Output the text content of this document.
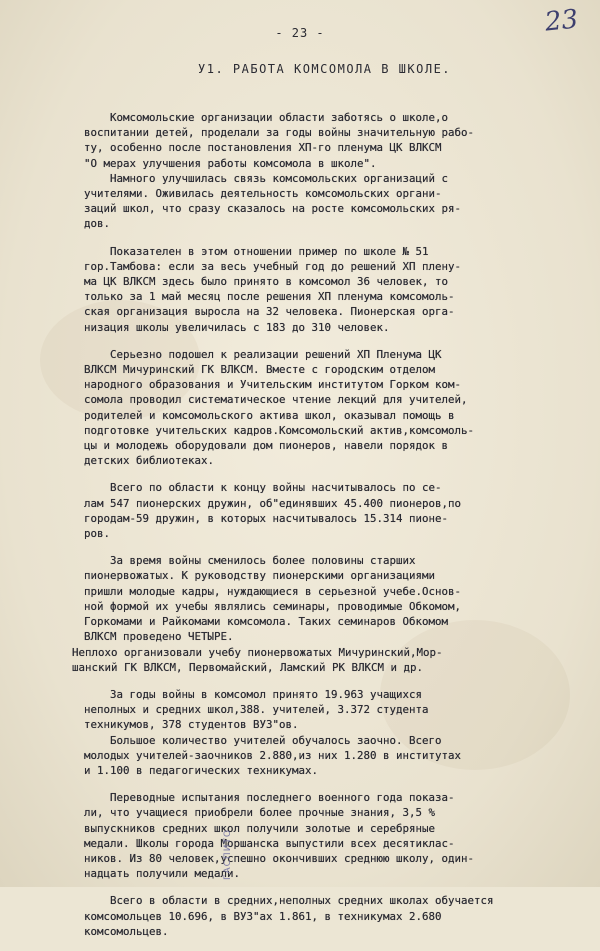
- 23 -	23
У1. РАБОТА КОМСОМОЛА В ШКОЛЕ.

Комсомольские организации области заботясь о школе,о
воспитании детей, проделали за годы войны значительную рабо-
ту, особенно после постановления ХП-го пленума ЦК ВЛКСМ
"О мерах улучшения работы комсомола в школе".

Намного улучшилась связь комсомольских организаций с
учителями. Оживилась деятельность комсомольских органи-
заций школ, что сразу сказалось на росте комсомольских ря-
дов.

Показателен в этом отношении пример по школе № 51
гор.Тамбова: если за весь учебный год до решений ХП плену-
ма ЦК ВЛКСМ здесь было принято в комсомол 36 человек, то
только за 1 май месяц после решения ХП пленума комсомоль-
ская организация выросла на 32 человека. Пионерская орга-
низация школы увеличилась с 183 до 310 человек.

Серьезно подошел к реализации решений ХП Пленума ЦК
ВЛКСМ Мичуринский ГК ВЛКСМ. Вместе с городским отделом
народного образования и Учительским институтом Горком ком-
сомола проводил систематическое чтение лекций для учителей,
родителей и комсомольского актива школ, оказывал помощь в
подготовке учительских кадров.Комсомольский актив,комсомоль-
цы и молодежь оборудовали дом пионеров, навели порядок в
детских библиотеках.

Всего по области к концу войны насчитывалось по се-
лам 547 пионерских дружин, об"единявших 45.400 пионеров,по
городам-59 дружин, в которых насчитывалось 15.314 пионе-
ров.

За время войны сменилось более половины старших
пионервожатых. К руководству пионерскими организациями
пришли молодые кадры, нуждающиеся в серьезной учебе.Основ-
ной формой их учебы являлись семинары, проводимые Обкомом,
Горкомами и Райкомами комсомола. Таких семинаров Обкомом
ВЛКСМ проведено ЧЕТЫРЕ.

Неплохо организовали учебу пионервожатых Мичуринский,Мор-
шанский ГК ВЛКСМ, Первомайский, Ламский РК ВЛКСМ и др.

За годы войны в комсомол принято 19.963 учащихся
неполных и средних школ,388. учителей, 3.372 студента
техникумов, 378 студентов ВУЗ"ов.

Большое количество учителей обучалось заочно. Всего
молодых учителей-заочников 2.880,из них 1.280 в институтах
и 1.100 в педагогических техникумах.

Переводные испытания последнего военного года показа-
ли, что учащиеся приобрели более прочные знания, 3,5 %
выпускников средних школ получили золотые и серебряные
медали. Школы города Моршанска выпустили всех десятиклас-
ников. Из 80 человек,успешно окончивших среднюю школу, один-
надцать получили медали.

Всего в области в средних,неполных средних школах обучается
комсомольцев 10.696, в ВУЗ"ах 1.861, в техникумах 2.680
комсомольцев.

ГАСПИТО
